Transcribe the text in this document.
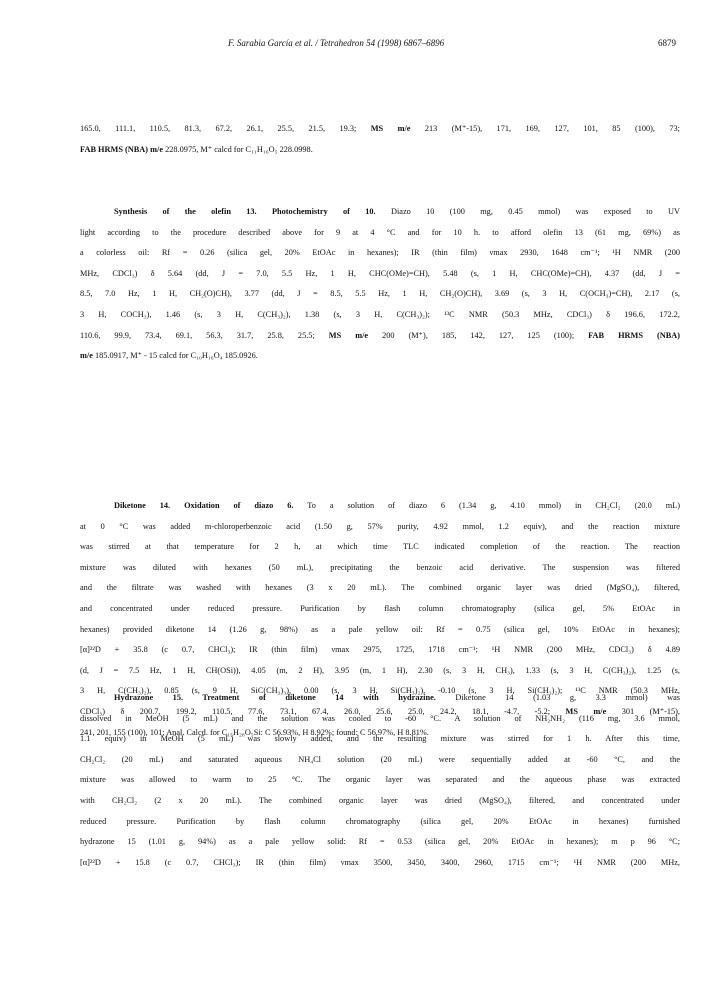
F. Sarabia García et al. / Tetrahedron 54 (1998) 6867–6896	6879
165.0, 111.1, 110.5, 81.3, 67.2, 26.1, 25.5, 21.5, 19.3; MS m/e 213 (M⁺-15), 171, 169, 127, 101, 85 (100), 73;
FAB HRMS (NBA) m/e 228.0975, M⁺ calcd for C₁₁H₁₆O₅ 228.0998.
Synthesis of the olefin 13. Photochemistry of 10. Diazo 10 (100 mg, 0.45 mmol) was exposed to UV
light according to the procedure described above for 9 at 4 °C and for 10 h. to afford olefin 13 (61 mg, 69%) as
a colorless oil: Rf = 0.26 (silica gel, 20% EtOAc in hexanes); IR (thin film) νmax 2930, 1648 cm⁻¹; ¹H NMR (200
MHz, CDCl₃) δ 5.64 (dd, J = 7.0, 5.5 Hz, 1 H, CHC(OMe)=CH), 5.48 (s, 1 H, CHC(OMe)=CH), 4.37 (dd, J =
8.5, 7.0 Hz, 1 H, CH₂(O)CH), 3.77 (dd, J = 8.5, 5.5 Hz, 1 H, CH₂(O)CH), 3.69 (s, 3 H, C(OCH₃)=CH), 2.17 (s,
3 H, COCH₃), 1.46 (s, 3 H, C(CH₃)₂), 1.38 (s, 3 H, C(CH₃)₂); ¹³C NMR (50.3 MHz, CDCl₃) δ 196.6, 172.2,
110.6, 99.9, 73.4, 69.1, 56.3, 31.7, 25.8, 25.5; MS m/e 200 (M⁺), 185, 142, 127, 125 (100); FAB HRMS (NBA)
m/e 185.0917, M⁺ - 15 calcd for C₁₀H₁₆O₄ 185.0926.
Diketone 14. Oxidation of diazo 6. To a solution of diazo 6 (1.34 g, 4.10 mmol) in CH₂Cl₂ (20.0 mL)
at 0 °C was added m-chloroperbenzoic acid (1.50 g, 57% purity, 4.92 mmol, 1.2 equiv), and the reaction mixture
was stirred at that temperature for 2 h, at which time TLC indicated completion of the reaction. The reaction
mixture was diluted with hexanes (50 mL), precipitating the benzoic acid derivative. The suspension was filtered
and the filtrate was washed with hexanes (3 x 20 mL). The combined organic layer was dried (MgSO₄), filtered,
and concentrated under reduced pressure. Purification by flash column chromatography (silica gel, 5% EtOAc in
hexanes) provided diketone 14 (1.26 g, 98%) as a pale yellow oil: Rf = 0.75 (silica gel, 10% EtOAc in hexanes);
[α]²²D + 35.8 (c 0.7, CHCl₃); IR (thin film) νmax 2975, 1725, 1718 cm⁻¹; ¹H NMR (200 MHz, CDCl₃) δ 4.89
(d, J = 7.5 Hz, 1 H, CH(OSi)), 4.05 (m, 2 H), 3.95 (m, 1 H), 2.30 (s, 3 H, CH₃), 1.33 (s, 3 H, C(CH₃)₂), 1.25 (s,
3 H, C(CH₃)₂), 0.85 (s, 9 H, SiC(CH₃)₃), 0.00 (s, 3 H, Si(CH₃)₂), -0.10 (s, 3 H, Si(CH₃)₂); ¹³C NMR (50.3 MHz,
CDCl₃) δ 200.7, 199.2, 110.5, 77.6, 73.1, 67.4, 26.0, 25.6, 25.0, 24.2, 18.1, -4.7, -5.2; MS m/e 301 (M⁺-15),
241, 201, 155 (100), 101; Anal. Calcd. for C₁₅H₂₈O₅Si: C 56.93%, H 8.92%; found: C 56.97%, H 8.81%.
Hydrazone 15. Treatment of diketone 14 with hydrazine. Diketone 14 (1.03 g, 3.3 mmol) was
dissolved in MeOH (5 mL) and the solution was cooled to -60 °C. A solution of NH₂NH₂ (116 mg, 3.6 mmol,
1.1 equiv) in MeOH (5 mL) was slowly added, and the resulting mixture was stirred for 1 h. After this time,
CH₂Cl₂ (20 mL) and saturated aqueous NH₄Cl solution (20 mL) were sequentially added at -60 °C, and the
mixture was allowed to warm to 25 °C. The organic layer was separated and the aqueous phase was extracted
with CH₂Cl₂ (2 x 20 mL). The combined organic layer was dried (MgSO₄), filtered, and concentrated under
reduced pressure. Purification by flash column chromatography (silica gel, 20% EtOAc in hexanes) furnished
hydrazone 15 (1.01 g, 94%) as a pale yellow solid: Rf = 0.53 (silica gel, 20% EtOAc in hexanes); m p 96 °C;
[α]²²D + 15.8 (c 0.7, CHCl₃); IR (thin film) νmax 3500, 3450, 3400, 2960, 1715 cm⁻¹; ¹H NMR (200 MHz,
